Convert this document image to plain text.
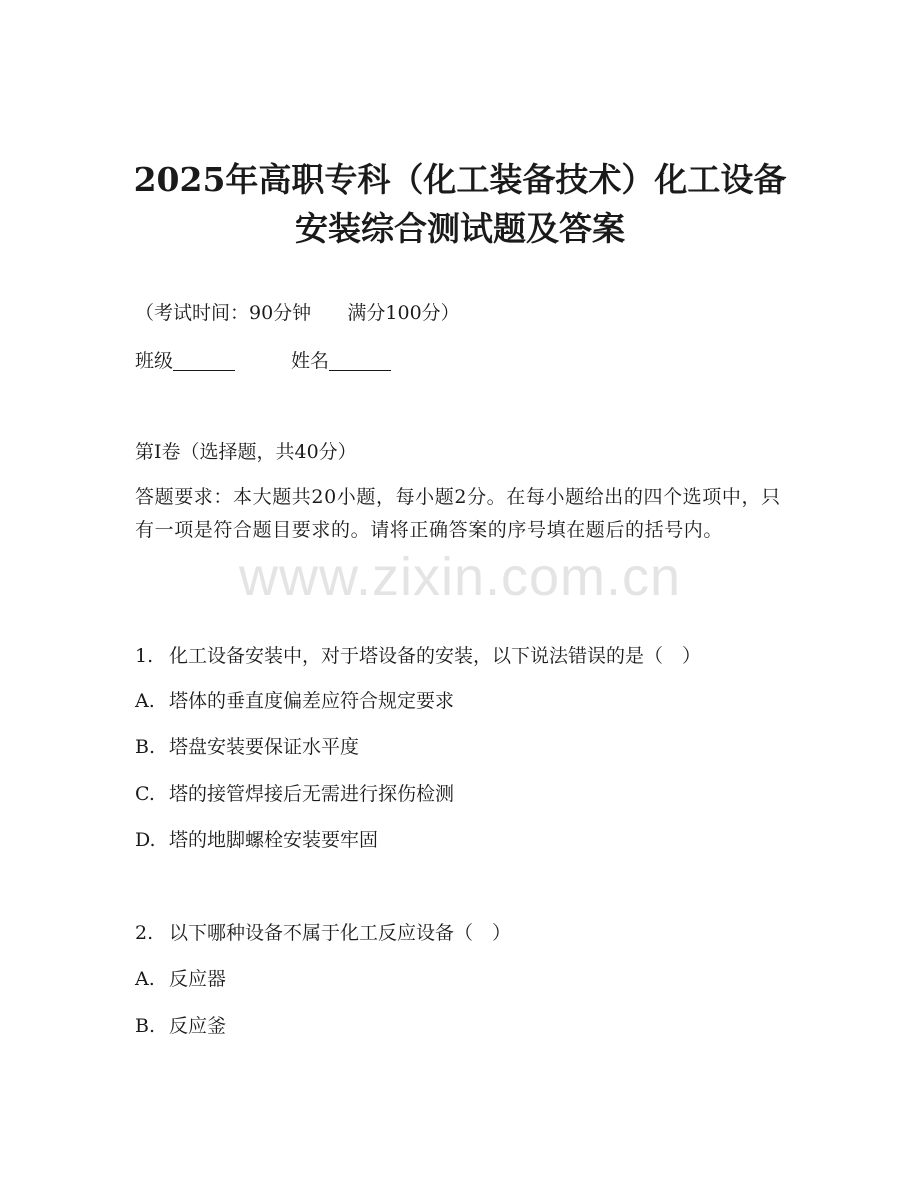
2025年高职专科（化工装备技术）化工设备
安装综合测试题及答案
（考试时间：90分钟      满分100分）
班级	姓名
第Ⅰ卷（选择题，共40分）
答题要求：本大题共20小题，每小题2分。在每小题给出的四个选项中，只有一项是符合题目要求的。请将正确答案的序号填在题后的括号内。
www.zixin.com.cn
1. 化工设备安装中，对于塔设备的安装，以下说法错误的是（　）
A. 塔体的垂直度偏差应符合规定要求
B. 塔盘安装要保证水平度
C. 塔的接管焊接后无需进行探伤检测
D. 塔的地脚螺栓安装要牢固
2. 以下哪种设备不属于化工反应设备（　）
A. 反应器
B. 反应釜
